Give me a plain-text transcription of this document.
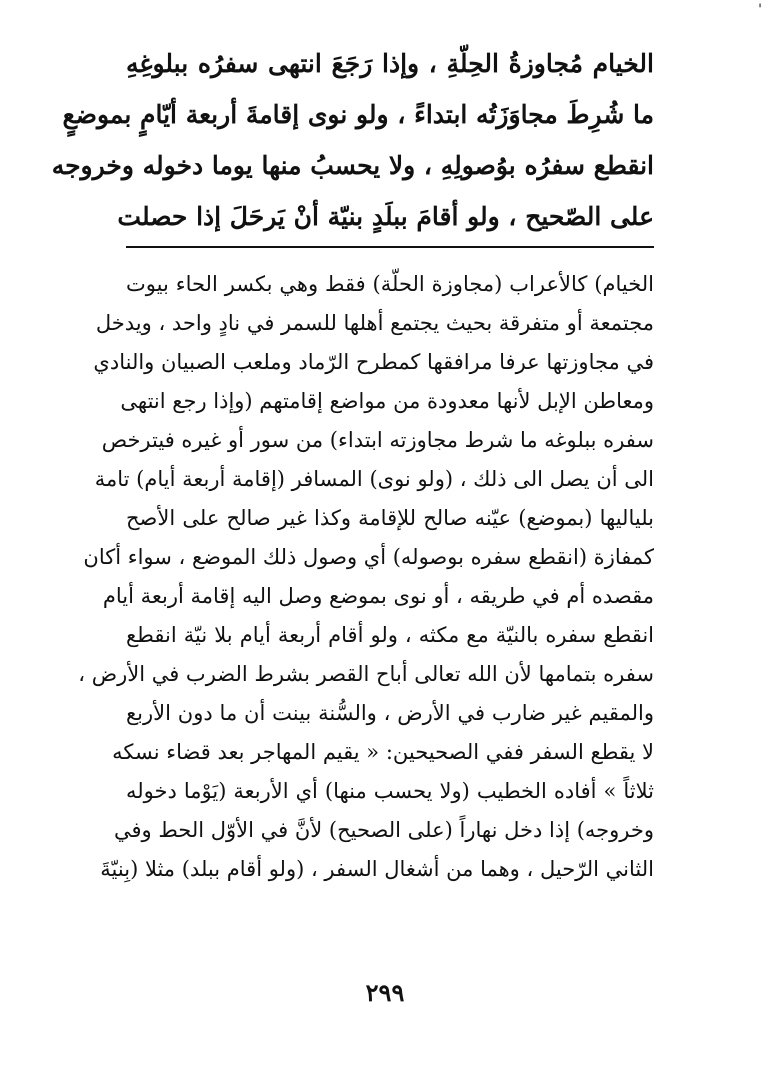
'
الخيام مُجاوزةُ الحِلّةِ ، وإذا رَجَعَ انتهى سفرُه ببلوغِهِ
ما شُرِطَ مجاوَزَتُه ابتداءً ، ولو نوى إقامةَ أربعة أيّامٍ بموضعٍ
انقطع سفرُه بوُصولِهِ ، ولا يحسبُ منها يوما دخوله وخروجه
على الصّحيح ، ولو أقامَ ببلَدٍ بنيّة أنْ يَرحَلَ إذا حصلت
الخيام) كالأعراب (مجاوزة الحلّة) فقط وهي بكسر الحاء بيوت
مجتمعة أو متفرقة بحيث يجتمع أهلها للسمر في نادٍ واحد ، ويدخل
في مجاوزتها عرفا مرافقها كمطرح الرّماد وملعب الصبيان والنادي
ومعاطن الإبل لأنها معدودة من مواضع إقامتهم (وإذا رجع انتهى
سفره ببلوغه ما شرط مجاوزته ابتداء) من سور أو غيره فيترخص
الى أن يصل الى ذلك ، (ولو نوى) المسافر (إقامة أربعة أيام) تامة
بلياليها (بموضع) عيّنه صالح للإقامة وكذا غير صالح على الأصح
كمفازة (انقطع سفره بوصوله) أي وصول ذلك الموضع ، سواء أكان
مقصده أم في طريقه ، أو نوى بموضع وصل اليه إقامة أربعة أيام
انقطع سفره بالنيّة مع مكثه ، ولو أقام أربعة أيام بلا نيّة انقطع
سفره بتمامها لأن الله تعالى أباح القصر بشرط الضرب في الأرض ،
والمقيم غير ضارب في الأرض ، والسُّنة بينت أن ما دون الأربع
لا يقطع السفر ففي الصحيحين: « يقيم المهاجر بعد قضاء نسكه
ثلاثاً » أفاده الخطيب (ولا يحسب منها) أي الأربعة (يَوْما دخوله
وخروجه) إذا دخل نهاراً (على الصحيح) لأنَّ في الأوّل الحط وفي
الثاني الرّحيل ، وهما من أشغال السفر ، (ولو أقام ببلد) مثلا (بِنيّةَ
٢٩٩
